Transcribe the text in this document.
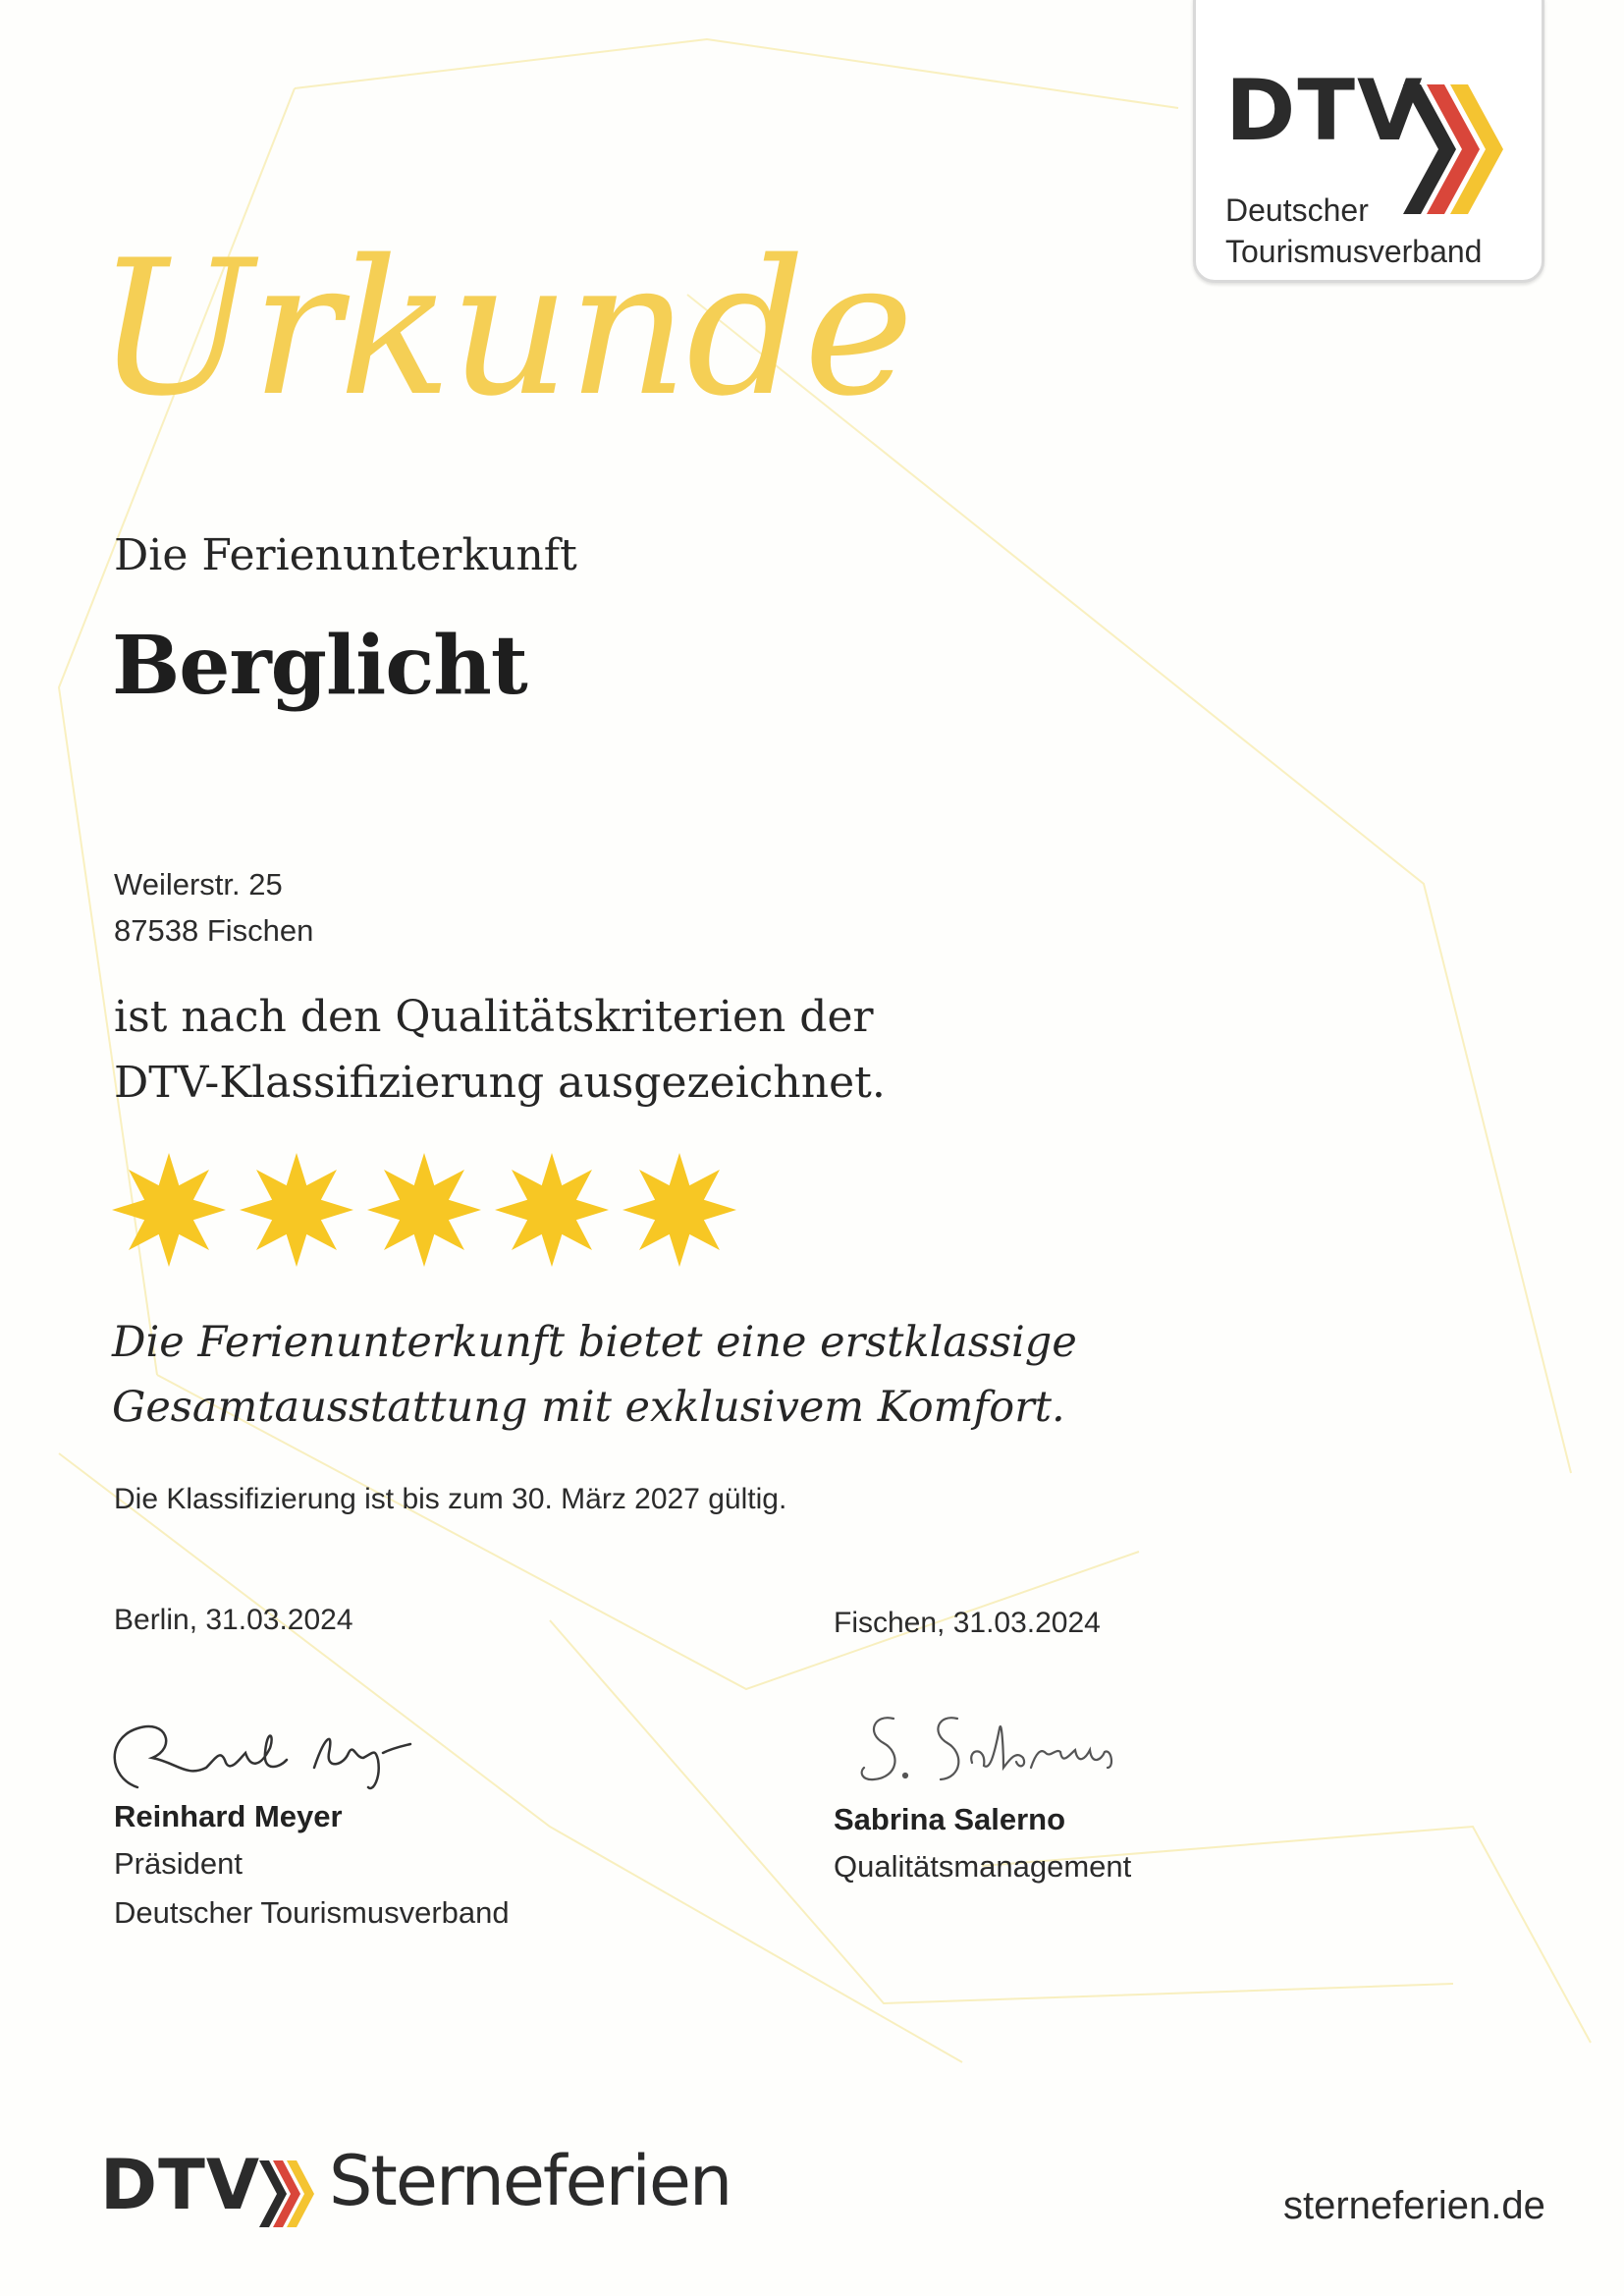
DTV
Deutscher
Tourismusverband
Urkunde
Die Ferienunterkunft
Berglicht
Weilerstr. 25
87538 Fischen
ist nach den Qualitätskriterien der
DTV-Klassifizierung ausgezeichnet.
Die Ferienunterkunft bietet eine erstklassige
Gesamtausstattung mit exklusivem Komfort.
Die Klassifizierung ist bis zum 30. März 2027 gültig.
Berlin, 31.03.2024
Reinhard Meyer
Präsident
Deutscher Tourismusverband
Fischen, 31.03.2024
Sabrina Salerno
Qualitätsmanagement
DTV Sterneferien	sterneferien.de
